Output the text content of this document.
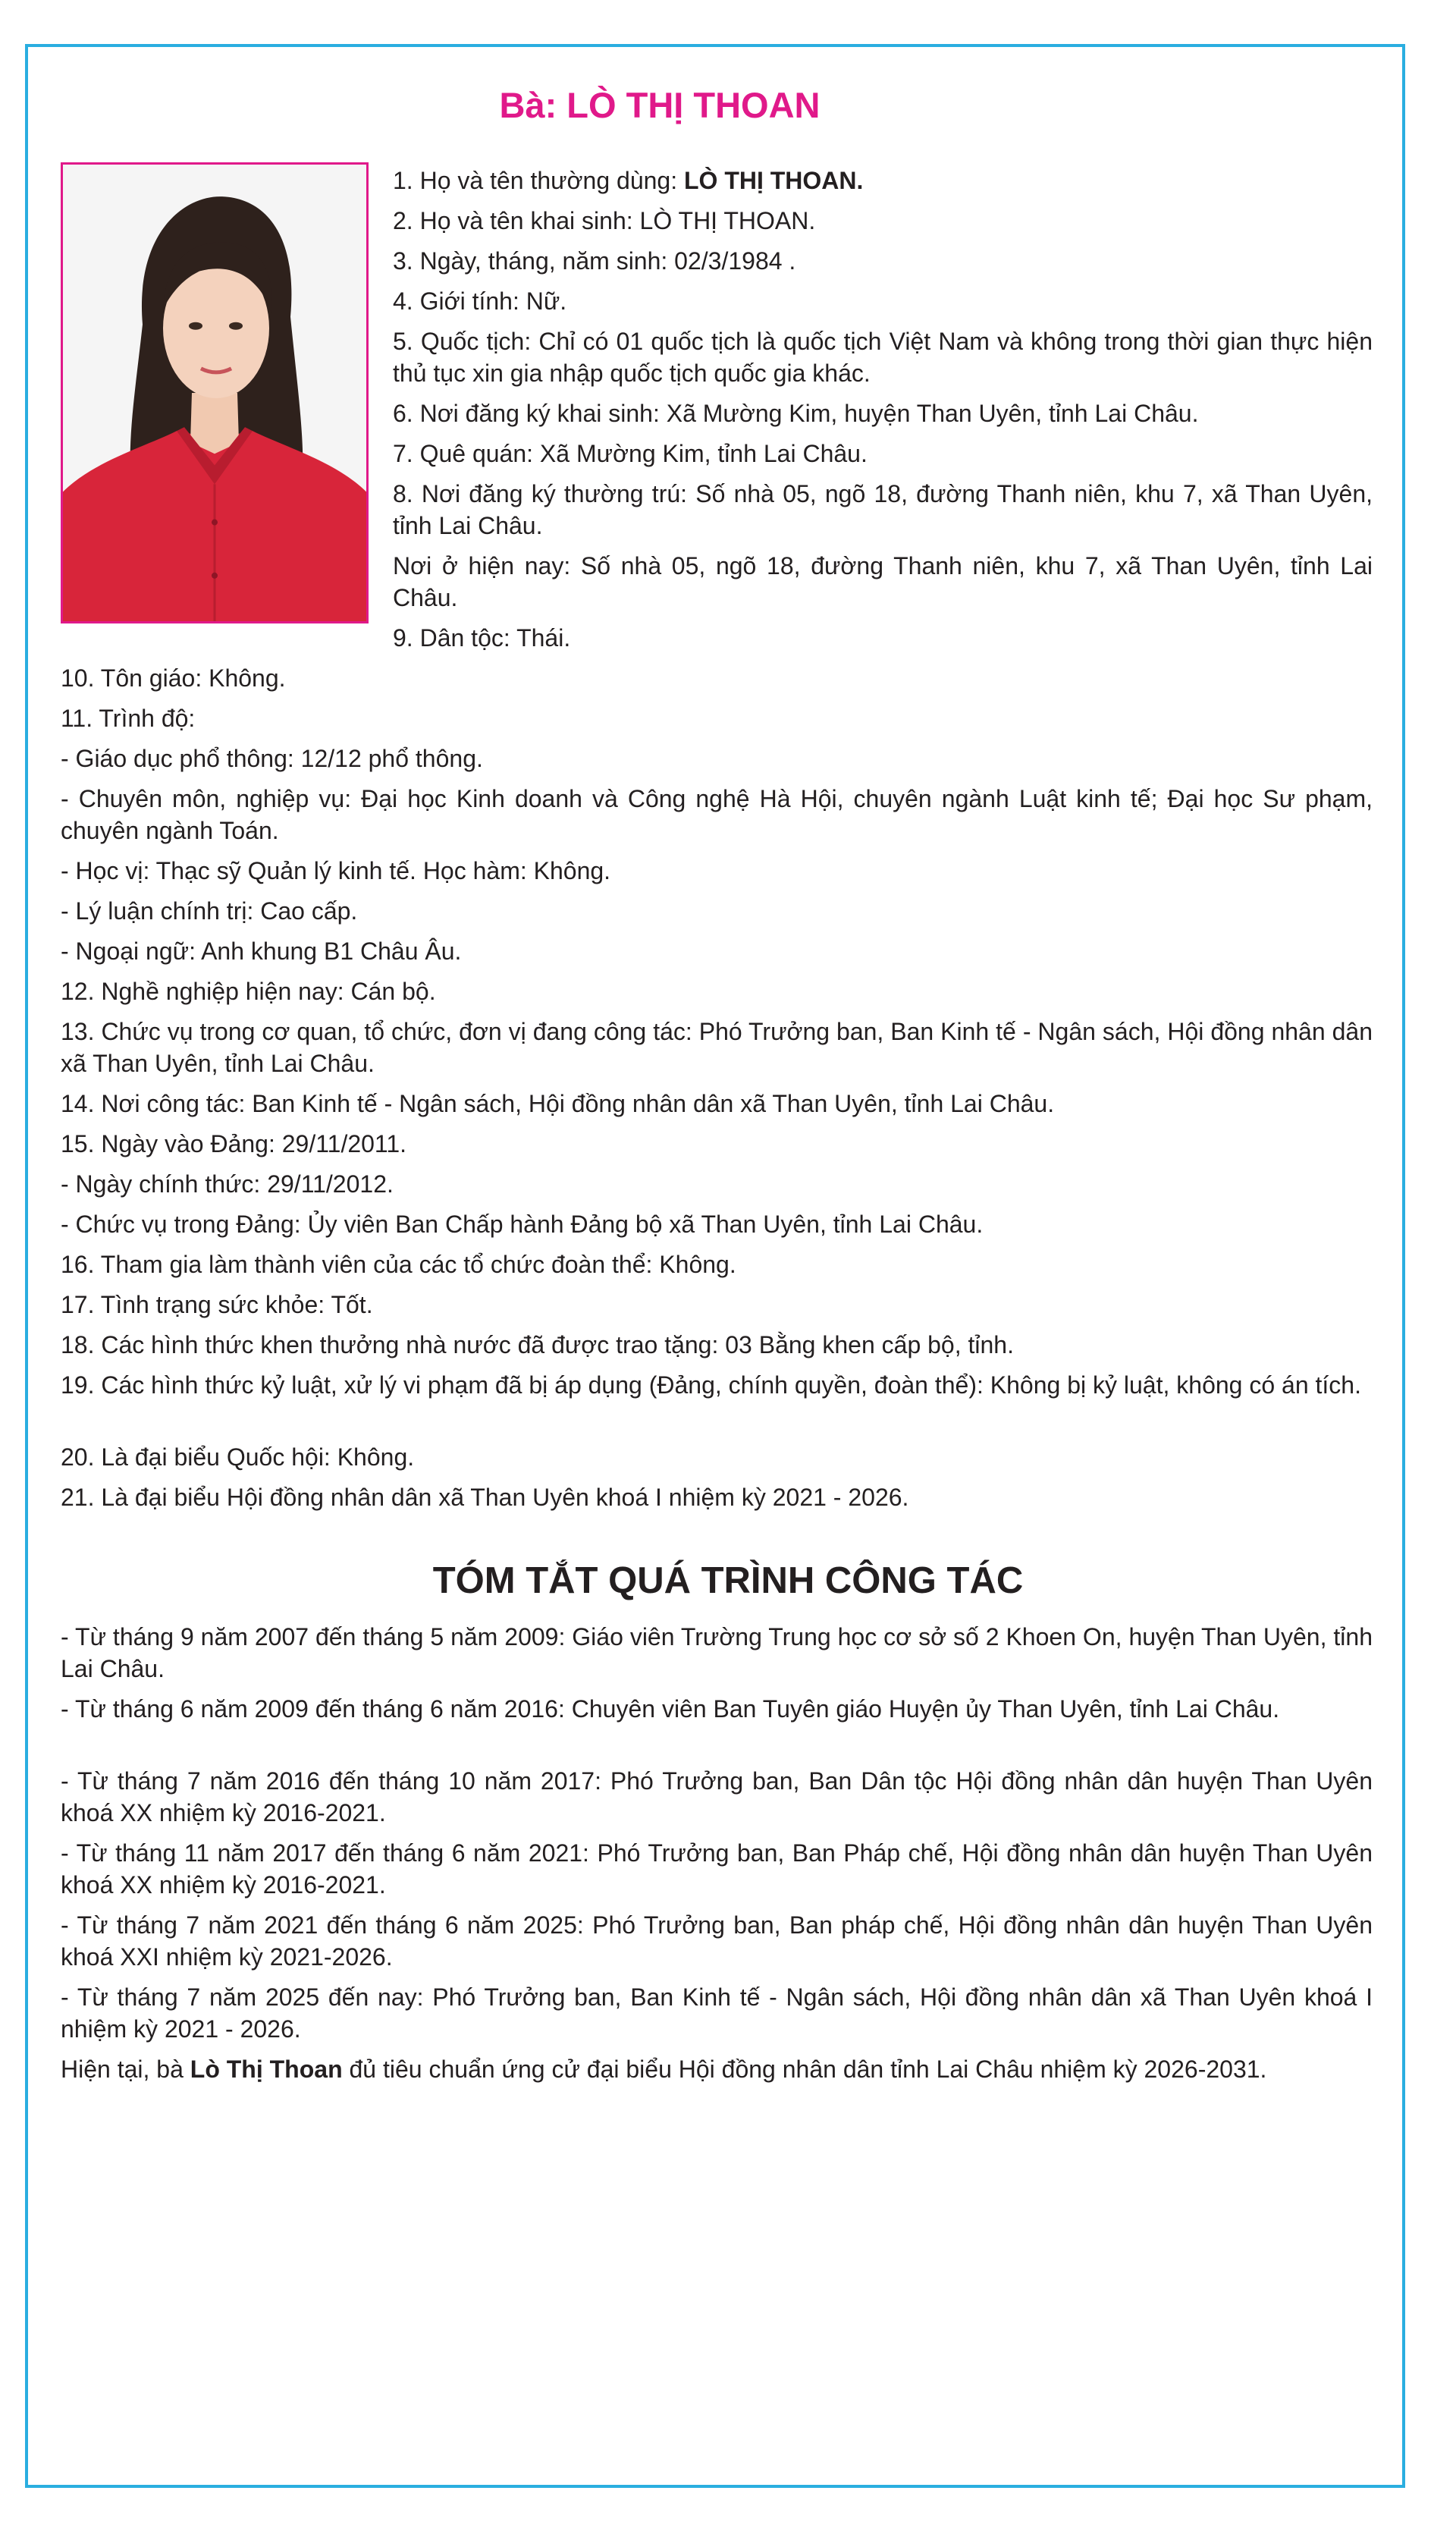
Bà: LÒ THỊ THOAN

1. Họ và tên thường dùng: LÒ THỊ THOAN.

2. Họ và tên khai sinh: LÒ THỊ THOAN.

3. Ngày, tháng, năm sinh: 02/3/1984 .

4. Giới tính: Nữ.

5. Quốc tịch: Chỉ có 01 quốc tịch là quốc tịch Việt Nam và không trong thời gian thực hiện thủ tục xin gia nhập quốc tịch quốc gia khác.

6. Nơi đăng ký khai sinh: Xã Mường Kim, huyện Than Uyên, tỉnh Lai Châu.

7. Quê quán: Xã Mường Kim, tỉnh Lai Châu.

8. Nơi đăng ký thường trú: Số nhà 05, ngõ 18, đường Thanh niên, khu 7, xã Than Uyên, tỉnh Lai Châu.

Nơi ở hiện nay: Số nhà 05, ngõ 18, đường Thanh niên, khu 7, xã Than Uyên, tỉnh Lai Châu.

9. Dân tộc: Thái.

10. Tôn giáo: Không.

11. Trình độ:

- Giáo dục phổ thông: 12/12 phổ thông.

- Chuyên môn, nghiệp vụ: Đại học Kinh doanh và Công nghệ Hà Hội, chuyên ngành Luật kinh tế; Đại học Sư phạm, chuyên ngành Toán.

- Học vị: Thạc sỹ Quản lý kinh tế. Học hàm: Không.

- Lý luận chính trị: Cao cấp.

- Ngoại ngữ: Anh khung B1 Châu Âu.

12. Nghề nghiệp hiện nay: Cán bộ.

13. Chức vụ trong cơ quan, tổ chức, đơn vị đang công tác: Phó Trưởng ban, Ban Kinh tế - Ngân sách, Hội đồng nhân dân xã Than Uyên, tỉnh Lai Châu.

14. Nơi công tác: Ban Kinh tế - Ngân sách, Hội đồng nhân dân xã Than Uyên, tỉnh Lai Châu.

15. Ngày vào Đảng: 29/11/2011.

- Ngày chính thức: 29/11/2012.

- Chức vụ trong Đảng: Ủy viên Ban Chấp hành Đảng bộ xã Than Uyên, tỉnh Lai Châu.

16. Tham gia làm thành viên của các tổ chức đoàn thể: Không.

17. Tình trạng sức khỏe: Tốt.

18. Các hình thức khen thưởng nhà nước đã được trao tặng: 03 Bằng khen cấp bộ, tỉnh.

19. Các hình thức kỷ luật, xử lý vi phạm đã bị áp dụng (Đảng, chính quyền, đoàn thể): Không bị kỷ luật, không có án tích.

20. Là đại biểu Quốc hội: Không.

21. Là đại biểu Hội đồng nhân dân xã Than Uyên khoá I nhiệm kỳ 2021 - 2026.

TÓM TẮT QUÁ TRÌNH CÔNG TÁC

- Từ tháng 9 năm 2007 đến tháng 5 năm 2009: Giáo viên Trường Trung học cơ sở số 2 Khoen On, huyện Than Uyên, tỉnh Lai Châu.

- Từ tháng 6 năm 2009 đến tháng 6 năm 2016: Chuyên viên Ban Tuyên giáo Huyện ủy Than Uyên, tỉnh Lai Châu.

- Từ tháng 7 năm 2016 đến tháng 10 năm 2017: Phó Trưởng ban, Ban Dân tộc Hội đồng nhân dân huyện Than Uyên khoá XX nhiệm kỳ 2016-2021.

- Từ tháng 11 năm 2017 đến tháng 6 năm 2021: Phó Trưởng ban, Ban Pháp chế, Hội đồng nhân dân huyện Than Uyên khoá XX nhiệm kỳ 2016-2021.

- Từ tháng 7 năm 2021 đến tháng 6 năm 2025: Phó Trưởng ban, Ban pháp chế, Hội đồng nhân dân huyện Than Uyên khoá XXI nhiệm kỳ 2021-2026.

- Từ tháng 7 năm 2025 đến nay: Phó Trưởng ban, Ban Kinh tế - Ngân sách, Hội đồng nhân dân xã Than Uyên khoá I nhiệm kỳ 2021 - 2026.

Hiện tại, bà Lò Thị Thoan đủ tiêu chuẩn ứng cử đại biểu Hội đồng nhân dân tỉnh Lai Châu nhiệm kỳ 2026-2031.
